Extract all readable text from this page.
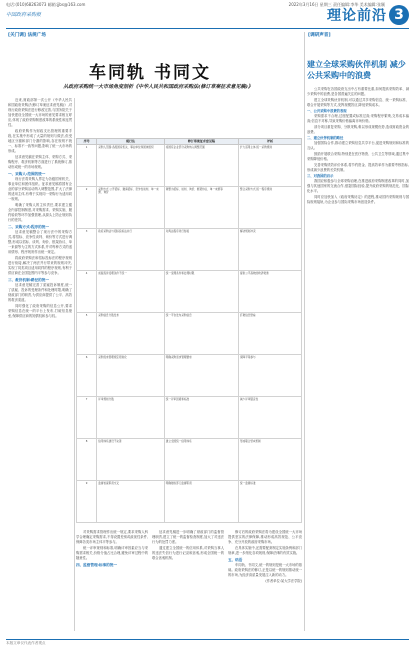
电话:(010)68263073 邮箱:jjbs@163.com	2022年3月16日 星期三 责任编辑:李华 美术编辑:张颖
中国政府采购报	理论前沿 3
[关门调] 法规广场	[调研声音]
车同轨 书同文
从政府采购统一大市场角度剖析《中华人民共和国政府采购法(修订草案征求意见稿)》

近来,财政部第一次公开《中华人民共和国政府采购法(修订草案征求意见稿)》,对现行政府采购法进行修改完善,与国务院关于加快建设全国统一大市场的意见要求相互呼应,体现了政府采购制度改革的系统性和连贯性。

政府采购作为财政支出管理的重要手段,在实施中形成了大量的规则与做法,但受地区分割和部门分割的影响,存在规则不统一、标准不一致等问题,影响了统一大市场的形成。

征求意见稿在采购主体、采购方式、采购程序、救济机制等方面进行了系统修订,推动形成统一的市场规则。

一、采购人:范围的统一

现行法将采购人界定为各级国家机关、事业单位和团体组织。征求意见稿将国有企业的部分采购活动纳入调整范围,扩大了法律的适用主体,有利于实现同一采购行为适用同一规则。

明确了采购人的主体责任,要求建立健全内部控制制度,对采购需求、采购实施、履约验收等环节加强管理,从源头上防止规则执行的差异。

二、采购方式:程序的统一

征求意见稿整合了现行法中的采购方式,将招标、竞争性谈判、询价等方式进行调整,形成以招标、谈判、询价、框架协议、单一来源等为主的方式体系,并对每种方式的适用情形、程序规则作出统一规定。

将政府采购法和招标投标法的程序规则进行衔接,解决了两法并行带来的规则冲突,实现了同类项目适用同样的程序规则,有利于供应商在全国范围内平等参与竞争。

三、救济机制:路径的统一

征求意见稿完善了质疑投诉制度,统一了质疑、投诉的受理条件和处理时限,明确了财政部门的职责,为供应商提供了公平、高效的救济渠道。

同时强化了政府采购的信息公开,要求采购信息在统一的平台上发布,打破信息壁垒,保障供应商的知情权和参与权。

序号	现行法	修订草案征求意见稿	评析
1	采购人范围:各级国家机关、事业单位和团体组织	将国有企业部分采购纳入调整范围	扩大适用主体,统一采购规则
2	采购方式:公开招标、邀请招标、竞争性谈判、单一来源、询价	调整为招标、谈判、询价、框架协议、单一来源等	整合采购方式,统一程序规则
3	政府采购法与招标投标法并行	对两法程序进行衔接	解决规则冲突
4	质疑投诉受理条件不统一	统一受理条件和处理时限	提供公平高效的救济渠道
5	采购信息分散发布	统一平台发布采购信息	打破信息壁垒
6	采购需求管理规定原则化	明确采购需求管理要求	保障平等参与
7	评审规则分散	统一评审因素和标准	减少评审随意性
8	信用体系建设不完善	建立全国统一信用体系	形成联合惩戒机制
9	监督检查职责交叉	明确财政部门监督职责	统一监督标准

对采购需求管理作出统一规定,要求采购人科学合理确定采购需求,不得设置差别或歧视性条件,保障各类市场主体平等参与。

统一评审规则和标准,明确评审因素应当与采购需求相关,价格分值占比合理,避免评审过程中的随意性。

四、监督管理:标准的统一

征求意见稿进一步明确了财政部门的监督管理职责,建立了统一的监督检查制度,加大了对违法行为的处罚力度。

通过建立全国统一的信用体系,对采购当事人的违法失信行为进行记录和惩戒,形成全国统一的联合惩戒机制。

修订后的政府采购法将为建设全国统一大市场提供坚实的法律保障,推动形成高效规范、公平竞争、充分开放的政府采购市场。

在具体实施中,还需要配套制定实施条例和部门规章,进一步细化各项规则,保障法律的有效实施。

五、结语

车同轨、书同文,统一的规则是统一大市场的基础。政府采购法的修订,正是以统一的规则推动统一的市场,为经济高质量发展注入新的动力。

(作者单位:某大学法学院)

建立全球采购伙伴机制 减少公共采购中的浪费

公共采购在各国政府支出中占有重要比重,如何提高采购效率、减少采购中的浪费,是各国普遍关注的问题。

建立全球采购伙伴机制,可以通过共享采购信息、统一采购标准、联合开展采购等方式,发挥规模效应,降低采购成本。

一、公共采购中浪费的表现

采购需求不合理,过度配置或标准过高;采购程序繁琐,交易成本偏高;信息不对称,导致采购价格偏离市场价格。

部分项目重复采购、分散采购,难以形成规模优势,造成财政资金的浪费。

二、建立伙伴机制的路径

加强国际合作,推动建立采购信息共享平台,促进采购规则和标准的互认。

鼓励开展联合采购,特别是在医疗物资、公共卫生等领域,通过集中采购降低价格。

完善采购绩效评价体系,将节约资金、提高效率作为重要考核指标,形成减少浪费的长效机制。

三、对我国的启示

我国应积极参与全球采购治理,在推进政府采购制度改革的同时,加强与其他国家的交流合作,借鉴国际经验,提升政府采购的规范化、国际化水平。

同时应加快加入《政府采购协定》的进程,推动国内采购规则与国际规则接轨,为企业参与国际采购市场创造条件。

本版文章仅代表作者观点
